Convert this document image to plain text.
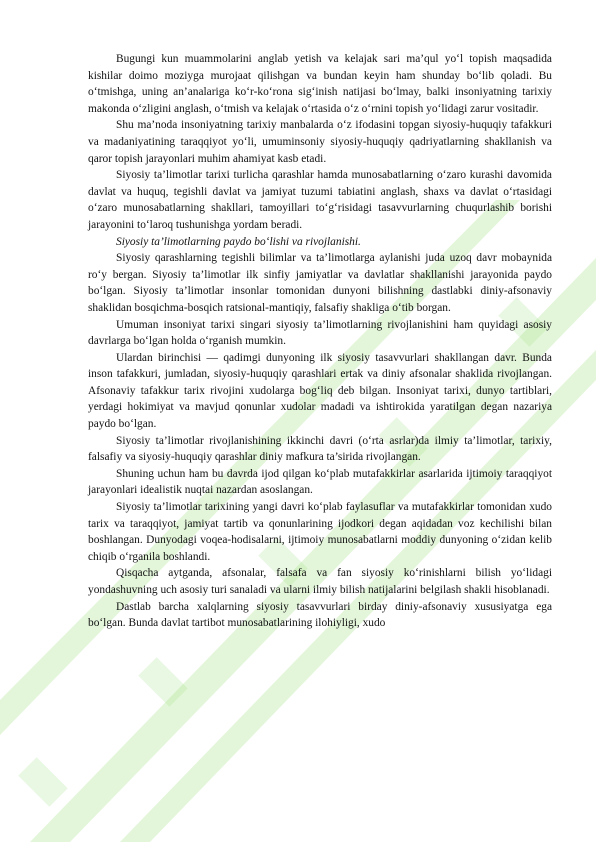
Bugungi kun muammolarini anglab yetish va kelajak sari ma’qul yo‘l topish maqsadida kishilar doimo moziyga murojaat qilishgan va bundan keyin ham shunday bo‘lib qoladi. Bu o‘tmishga, uning an’analariga ko‘r-ko‘rona sig‘inish natijasi bo‘lmay, balki insoniyatning tarixiy makonda o‘zligini anglash, o‘tmish va kelajak o‘rtasida o‘z o‘rnini topish yo‘lidagi zarur vositadir.

Shu ma’noda insoniyatning tarixiy manbalarda o‘z ifodasini topgan siyosiy-huquqiy tafakkuri va madaniyatining taraqqiyot yo‘li, umuminsoniy siyosiy-huquqiy qadriyatlarning shakllanish va qaror topish jarayonlari muhim ahamiyat kasb etadi.

Siyosiy ta’limotlar tarixi turlicha qarashlar hamda munosabatlarning o‘zaro kurashi davomida davlat va huquq, tegishli davlat va jamiyat tuzumi tabiatini anglash, shaxs va davlat o‘rtasidagi o‘zaro munosabatlarning shakllari, tamoyillari to‘g‘risidagi tasavvurlarning chuqurlashib borishi jarayonini to‘laroq tushunishga yordam beradi.

Siyosiy ta’limotlarning paydo bo‘lishi va rivojlanishi.

Siyosiy qarashlarning tegishli bilimlar va ta’limotlarga aylanishi juda uzoq davr mobaynida ro‘y bergan. Siyosiy ta’limotlar ilk sinfiy jamiyatlar va davlatlar shakllanishi jarayonida paydo bo‘lgan. Siyosiy ta’limotlar insonlar tomonidan dunyoni bilishning dastlabki diniy-afsonaviy shaklidan bosqichma-bosqich ratsional-mantiqiy, falsafiy shakliga o‘tib borgan.

Umuman insoniyat tarixi singari siyosiy ta’limotlarning rivojlanishini ham quyidagi asosiy davrlarga bo‘lgan holda o‘rganish mumkin.

Ulardan birinchisi — qadimgi dunyoning ilk siyosiy tasavvurlari shakllangan davr. Bunda inson tafakkuri, jumladan, siyosiy-huquqiy qarashlari ertak va diniy afsonalar shaklida rivojlangan. Afsonaviy tafakkur tarix rivojini xudolarga bog‘liq deb bilgan. Insoniyat tarixi, dunyo tartiblari, yerdagi hokimiyat va mavjud qonunlar xudolar madadi va ishtirokida yaratilgan degan nazariya paydo bo‘lgan.

Siyosiy ta’limotlar rivojlanishining ikkinchi davri (o‘rta asrlar)da ilmiy ta’limotlar, tarixiy, falsafiy va siyosiy-huquqiy qarashlar diniy mafkura ta’sirida rivojlangan.

Shuning uchun ham bu davrda ijod qilgan ko‘plab mutafakkirlar asarlarida ijtimoiy taraqqiyot jarayonlari idealistik nuqtai nazardan asoslangan.

Siyosiy ta’limotlar tarixining yangi davri ko‘plab faylasuflar va mutafakkirlar tomonidan xudo tarix va taraqqiyot, jamiyat tartib va qonunlarining ijodkori degan aqidadan voz kechilishi bilan boshlangan. Dunyodagi voqea-hodisalarni, ijtimoiy munosabatlarni moddiy dunyoning o‘zidan kelib chiqib o‘rganila boshlandi.

Qisqacha aytganda, afsonalar, falsafa va fan siyosiy ko‘rinishlarni bilish yo‘lidagi yondashuvning uch asosiy turi sanaladi va ularni ilmiy bilish natijalarini belgilash shakli hisoblanadi.

Dastlab barcha xalqlarning siyosiy tasavvurlari birday diniy-afsonaviy xususiyatga ega bo‘lgan. Bunda davlat tartibot munosabatlarining ilohiyligi, xudo
